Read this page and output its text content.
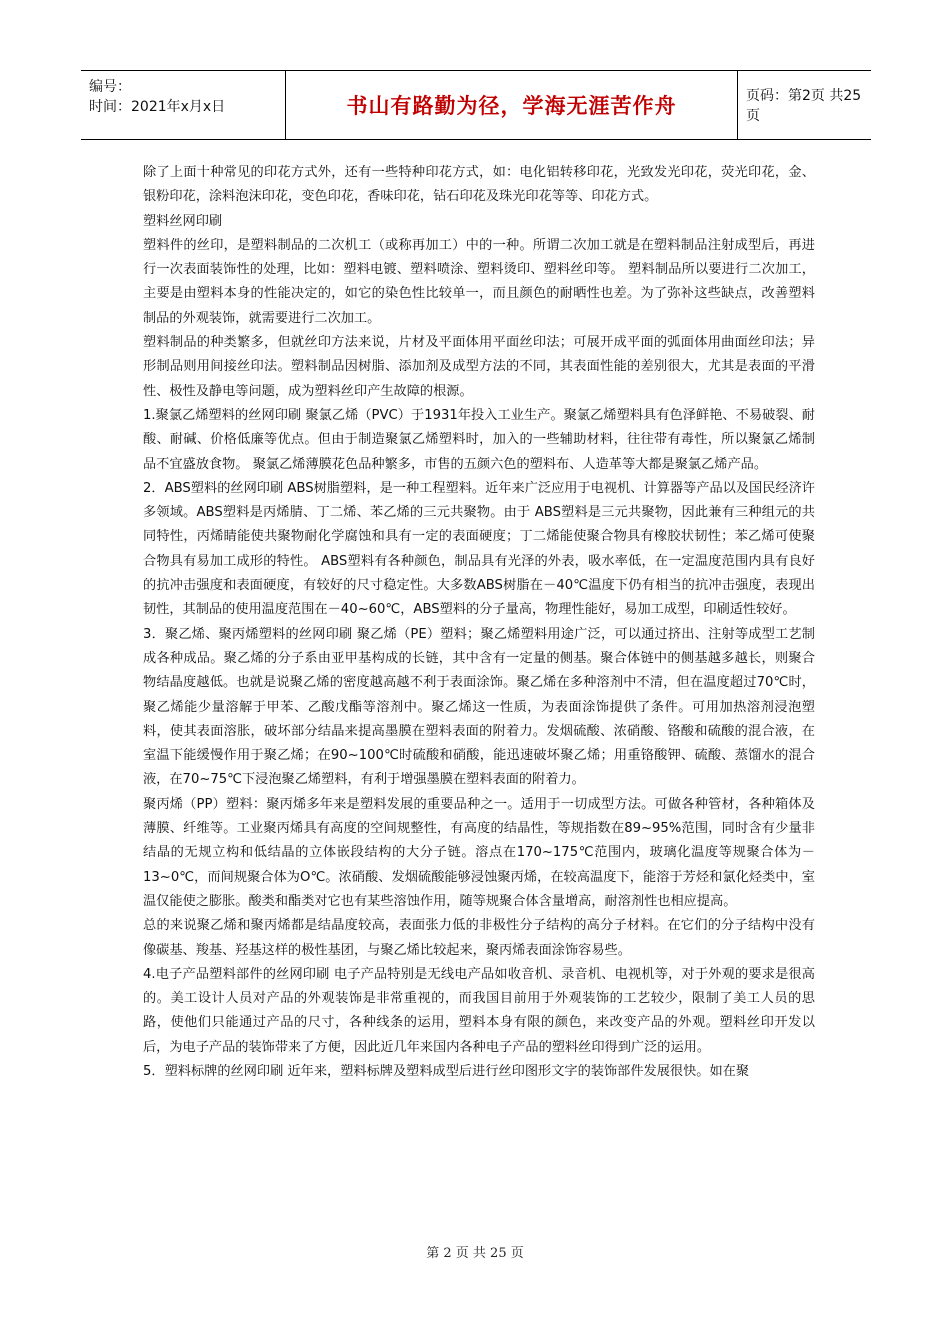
编号：
时间：2021年x月x日	书山有路勤为径，学海无涯苦作舟	页码：第2页 共25页

除了上面十种常见的印花方式外，还有一些特种印花方式，如：电化铝转移印花，光致发光印花，荧光印花，金、银粉印花，涂料泡沫印花，变色印花，香味印花，钻石印花及珠光印花等等、印花方式。

塑料丝网印刷

塑料件的丝印，是塑料制品的二次机工（或称再加工）中的一种。所谓二次加工就是在塑料制品注射成型后，再进行一次表面装饰性的处理，比如：塑料电镀、塑料喷涂、塑料烫印、塑料丝印等。 塑料制品所以要进行二次加工，主要是由塑料本身的性能决定的，如它的染色性比较单一，而且颜色的耐晒性也差。为了弥补这些缺点，改善塑料制品的外观装饰，就需要进行二次加工。

塑料制品的种类繁多，但就丝印方法来说，片材及平面体用平面丝印法；可展开成平面的弧面体用曲面丝印法；异形制品则用间接丝印法。塑料制品因树脂、添加剂及成型方法的不同，其表面性能的差别很大，尤其是表面的平滑性、极性及静电等问题，成为塑料丝印产生故障的根源。

1.聚氯乙烯塑料的丝网印刷 聚氯乙烯（PVC）于1931年投入工业生产。聚氯乙烯塑料具有色泽鲜艳、不易破裂、耐酸、耐碱、价格低廉等优点。但由于制造聚氯乙烯塑料时，加入的一些辅助材料，往往带有毒性，所以聚氯乙烯制品不宜盛放食物。 聚氯乙烯薄膜花色品种繁多，市售的五颜六色的塑料布、人造革等大都是聚氯乙烯产品。

2．ABS塑料的丝网印刷 ABS树脂塑料，是一种工程塑料。近年来广泛应用于电视机、计算器等产品以及国民经济许多领域。ABS塑料是丙烯腈、丁二烯、苯乙烯的三元共聚物。由于 ABS塑料是三元共聚物，因此兼有三种组元的共同特性，丙烯睛能使共聚物耐化学腐蚀和具有一定的表面硬度；丁二烯能使聚合物具有橡胶状韧性；苯乙烯可使聚合物具有易加工成形的特性。 ABS塑料有各种颜色，制品具有光泽的外表，吸水率低，在一定温度范围内具有良好的抗冲击强度和表面硬度，有较好的尺寸稳定性。大多数ABS树脂在－40℃温度下仍有相当的抗冲击强度，表现出韧性，其制品的使用温度范围在－40~60℃，ABS塑料的分子量高，物理性能好，易加工成型，印刷适性较好。

3．聚乙烯、聚丙烯塑料的丝网印刷 聚乙烯（PE）塑料；聚乙烯塑料用途广泛，可以通过挤出、注射等成型工艺制成各种成品。聚乙烯的分子系由亚甲基构成的长链，其中含有一定量的侧基。聚合体链中的侧基越多越长，则聚合物结晶度越低。也就是说聚乙烯的密度越高越不利于表面涂饰。聚乙烯在多种溶剂中不清，但在温度超过70℃时，聚乙烯能少量溶解于甲苯、乙酸戊酯等溶剂中。聚乙烯这一性质，为表面涂饰提供了条件。可用加热溶剂浸泡塑料，使其表面溶胀，破坏部分结晶来提高墨膜在塑料表面的附着力。发烟硫酸、浓硝酸、铬酸和硫酸的混合液，在室温下能缓慢作用于聚乙烯；在90~100℃时硫酸和硝酸，能迅速破坏聚乙烯；用重铬酸钾、硫酸、蒸馏水的混合液，在70~75℃下浸泡聚乙烯塑料，有利于增强墨膜在塑料表面的附着力。

聚丙烯（PP）塑料：聚丙烯多年来是塑料发展的重要品种之一。适用于一切成型方法。可做各种管材，各种箱体及薄膜、纤维等。工业聚丙烯具有高度的空间规整性，有高度的结晶性，等规指数在89~95%范围，同时含有少量非结晶的无规立构和低结晶的立体嵌段结构的大分子链。溶点在170~175℃范围内，玻璃化温度等规聚合体为－13~0℃，而间规聚合体为O℃。浓硝酸、发烟硫酸能够浸蚀聚丙烯，在较高温度下，能溶于芳烃和氯化烃类中，室温仅能使之膨胀。酸类和酯类对它也有某些溶蚀作用，随等规聚合体含量增高，耐溶剂性也相应提高。

总的来说聚乙烯和聚丙烯都是结晶度较高，表面张力低的非极性分子结构的高分子材料。在它们的分子结构中没有像碳基、羧基、羟基这样的极性基团，与聚乙烯比较起来，聚丙烯表面涂饰容易些。

4.电子产品塑料部件的丝网印刷 电子产品特别是无线电产品如收音机、录音机、电视机等，对于外观的要求是很高的。美工设计人员对产品的外观装饰是非常重视的，而我国目前用于外观装饰的工艺较少，限制了美工人员的思路，使他们只能通过产品的尺寸，各种线条的运用，塑料本身有限的颜色，来改变产品的外观。塑料丝印开发以后，为电子产品的装饰带来了方便，因此近几年来国内各种电子产品的塑料丝印得到广泛的运用。

5．塑料标牌的丝网印刷 近年来，塑料标牌及塑料成型后进行丝印图形文字的装饰部件发展很快。如在聚

第 2 页 共 25 页
